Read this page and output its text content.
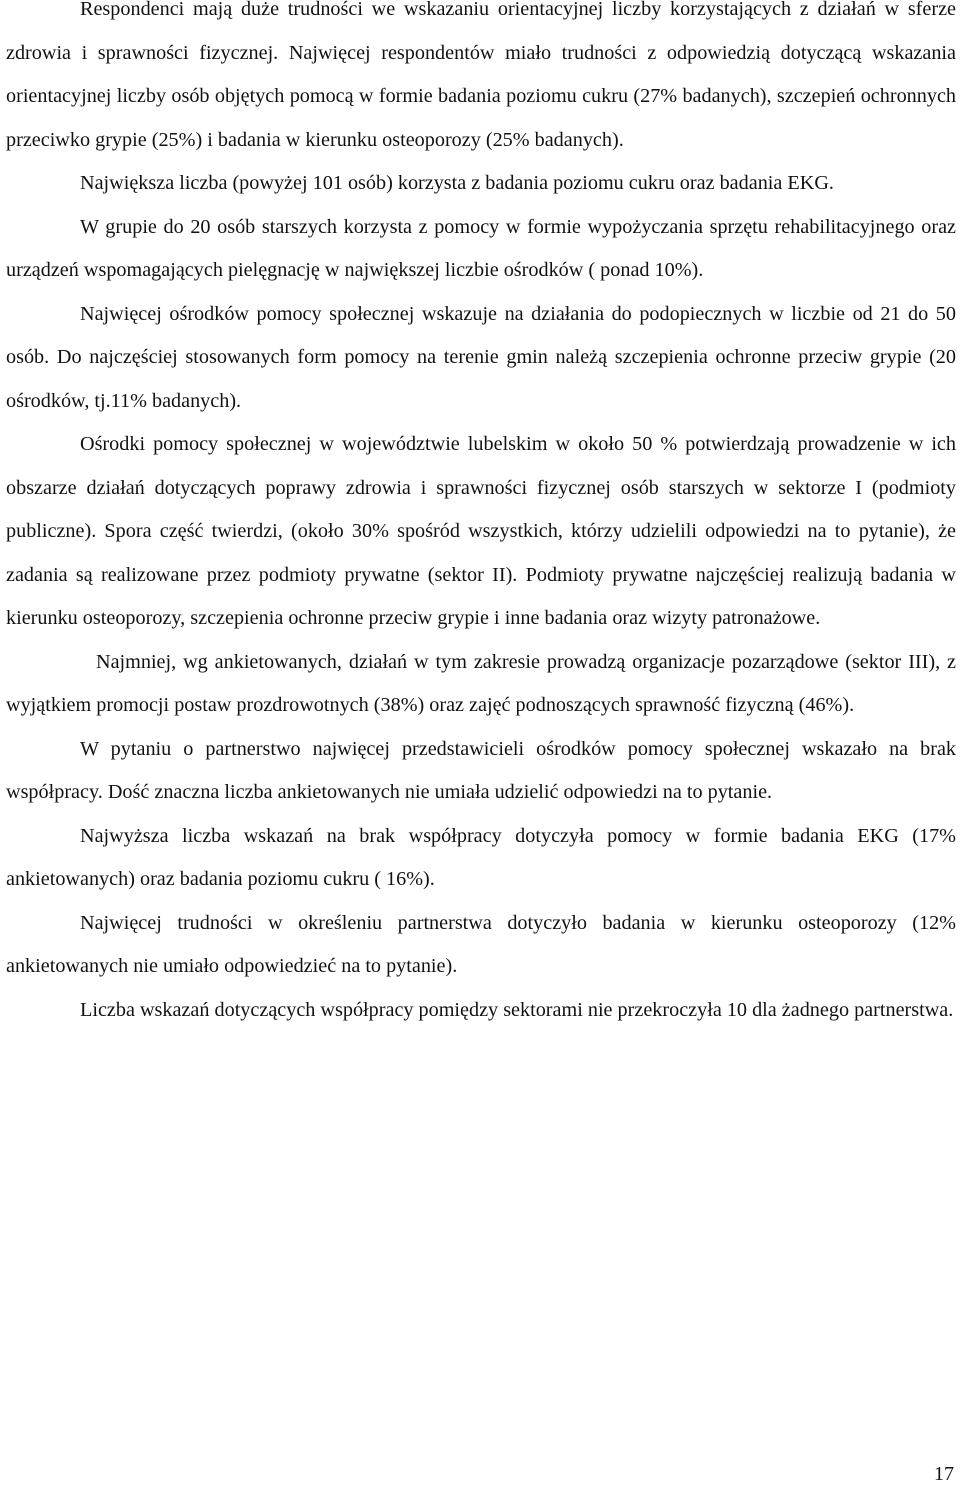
Respondenci mają duże trudności we wskazaniu orientacyjnej liczby korzystających z działań w sferze zdrowia i sprawności fizycznej. Najwięcej respondentów miało trudności z odpowiedzią dotyczącą wskazania orientacyjnej liczby osób objętych pomocą w formie badania poziomu cukru (27% badanych), szczepień ochronnych przeciwko grypie (25%) i badania w kierunku osteoporozy (25% badanych).

Największa liczba (powyżej 101 osób) korzysta z badania poziomu cukru oraz badania EKG.

W grupie do 20 osób starszych korzysta z pomocy w formie wypożyczania sprzętu rehabilitacyjnego oraz urządzeń wspomagających pielęgnację w największej liczbie ośrodków ( ponad 10%).

Najwięcej ośrodków pomocy społecznej wskazuje na działania do podopiecznych w liczbie od 21 do 50 osób. Do najczęściej stosowanych form pomocy na terenie gmin należą szczepienia ochronne przeciw grypie (20 ośrodków, tj.11% badanych).

Ośrodki pomocy społecznej w województwie lubelskim w około 50 % potwierdzają prowadzenie w ich obszarze działań dotyczących poprawy zdrowia i sprawności fizycznej osób starszych w sektorze I (podmioty publiczne). Spora część twierdzi, (około 30% spośród wszystkich, którzy udzielili odpowiedzi na to pytanie), że zadania są realizowane przez podmioty prywatne (sektor II). Podmioty prywatne najczęściej realizują badania w kierunku osteoporozy, szczepienia ochronne przeciw grypie i inne badania oraz wizyty patronażowe.

Najmniej, wg ankietowanych, działań w tym zakresie prowadzą organizacje pozarządowe (sektor III), z wyjątkiem promocji postaw prozdrowotnych (38%) oraz zajęć podnoszących sprawność fizyczną (46%).

W pytaniu o partnerstwo najwięcej przedstawicieli ośrodków pomocy społecznej wskazało na brak współpracy. Dość znaczna liczba ankietowanych nie umiała udzielić odpowiedzi na to pytanie.

Najwyższa liczba wskazań na brak współpracy dotyczyła pomocy w formie badania EKG (17% ankietowanych) oraz badania poziomu cukru ( 16%).

Najwięcej trudności w określeniu partnerstwa dotyczyło badania w kierunku osteoporozy (12% ankietowanych nie umiało odpowiedzieć na to pytanie).

Liczba wskazań dotyczących współpracy pomiędzy sektorami nie przekroczyła 10 dla żadnego partnerstwa.

17
